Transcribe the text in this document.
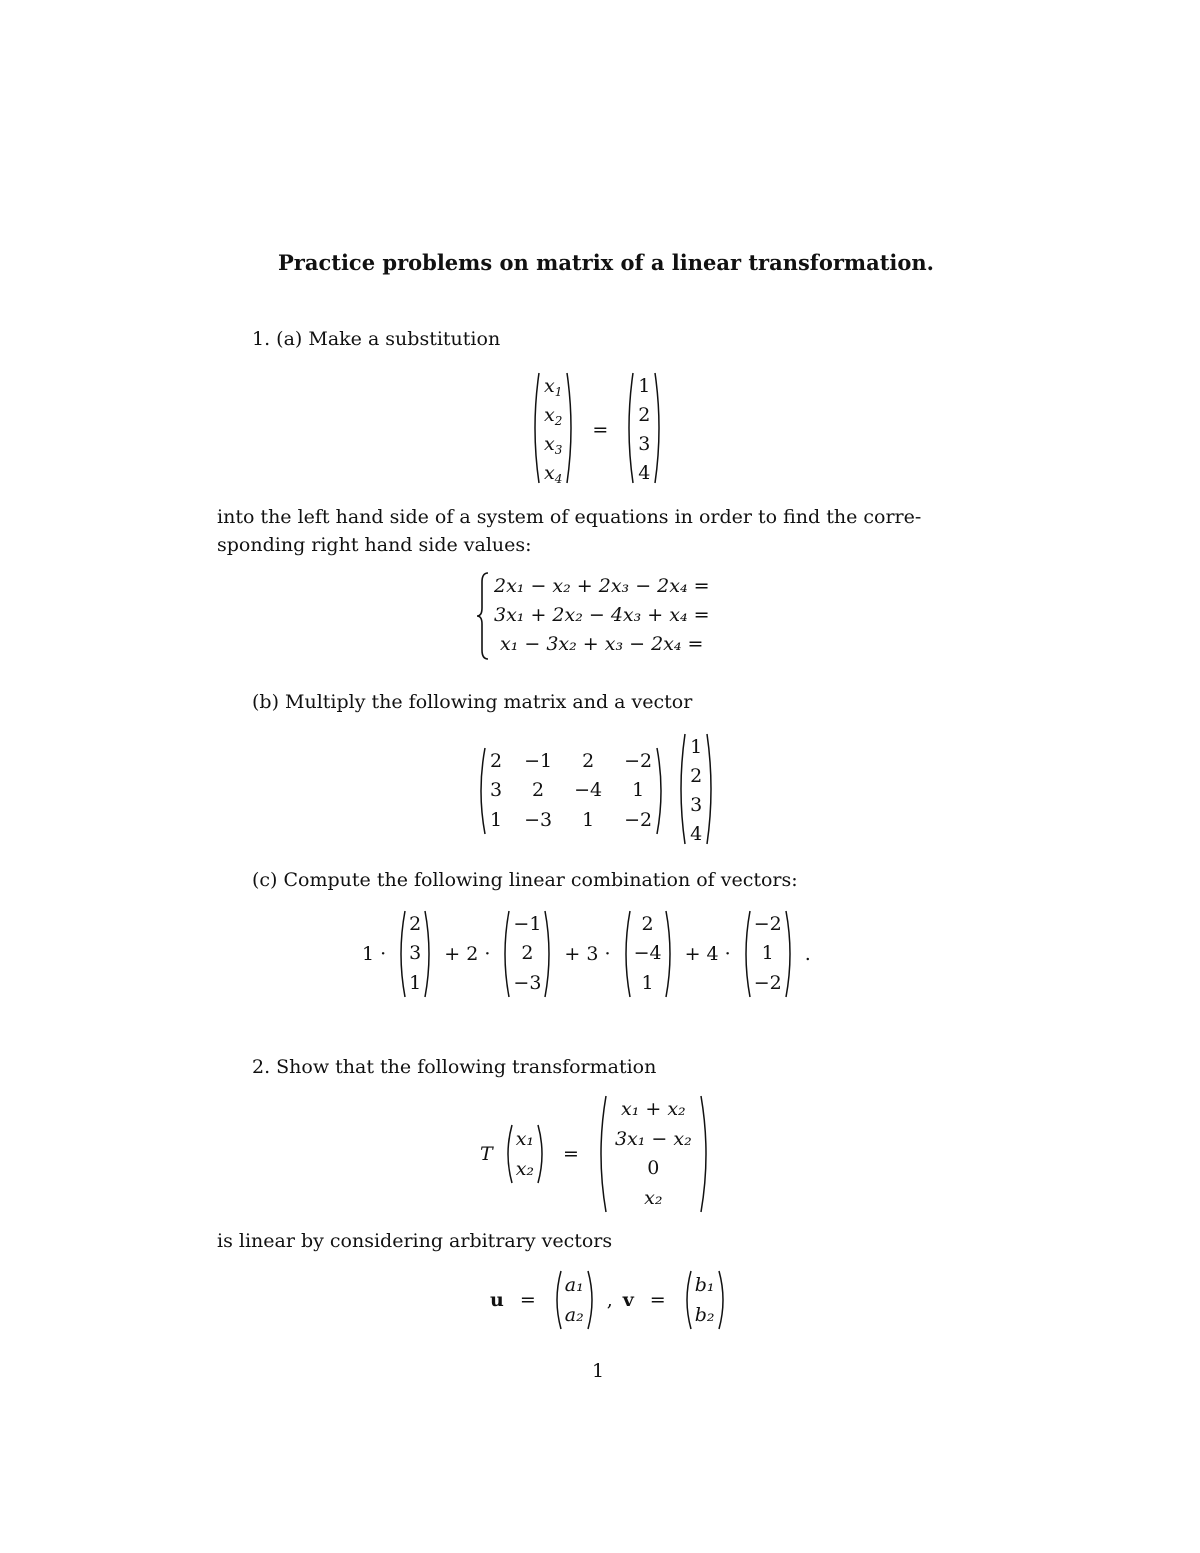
Practice problems on matrix of a linear transformation.
1. (a) Make a substitution
$x_1$
$x_2$
$x_3$
$x_4$
=
1
2
3
4
into the left hand side of a system of equations in order to find the corre-
sponding right hand side values:
2x₁ − x₂ + 2x₃ − 2x₄ =
3x₁ + 2x₂ − 4x₃ + x₄ =
x₁ − 3x₂ + x₃ − 2x₄ =
(b) Multiply the following matrix and a vector
2 −1 2 −2
3 2 −4 1
1 −3 1 −2
1
2
3
4
(c) Compute the following linear combination of vectors:
1 ·
2
3
1
+ 2 ·
−1
2
−3
+ 3 ·
2
−4
1
+ 4 ·
−2
1
−2
.
2. Show that the following transformation
T
x₁
x₂
=
x₁ + x₂
3x₁ − x₂
0
x₂
is linear by considering arbitrary vectors
u =
a₁
a₂
, v =
b₁
b₂
1
